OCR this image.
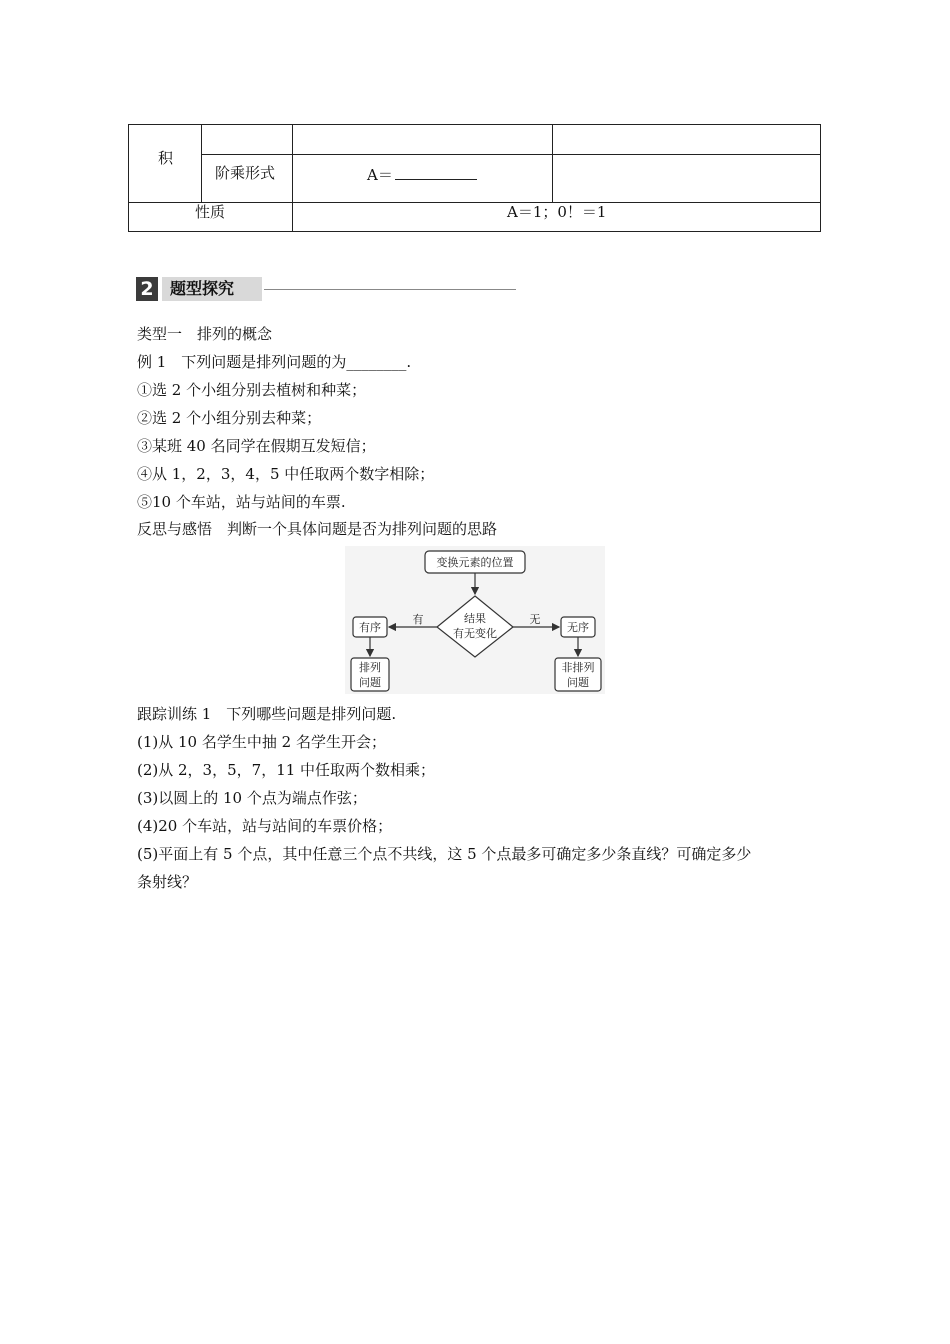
积
阶乘形式	A＝
性质	A＝1；0！＝1
2	题型探究
类型一　排列的概念
例 1　下列问题是排列问题的为________.
①选 2 个小组分别去植树和种菜；
②选 2 个小组分别去种菜；
③某班 40 名同学在假期互发短信；
④从 1，2，3，4，5 中任取两个数字相除；
⑤10 个车站，站与站间的车票.
反思与感悟　判断一个具体问题是否为排列问题的思路
变换元素的位置
结果
有无变化
有	无
有序	无序
排列
问题
非排列
问题
跟踪训练 1　下列哪些问题是排列问题.
(1)从 10 名学生中抽 2 名学生开会；
(2)从 2，3，5，7，11 中任取两个数相乘；
(3)以圆上的 10 个点为端点作弦；
(4)20 个车站，站与站间的车票价格；
(5)平面上有 5 个点，其中任意三个点不共线，这 5 个点最多可确定多少条直线？可确定多少
条射线？
